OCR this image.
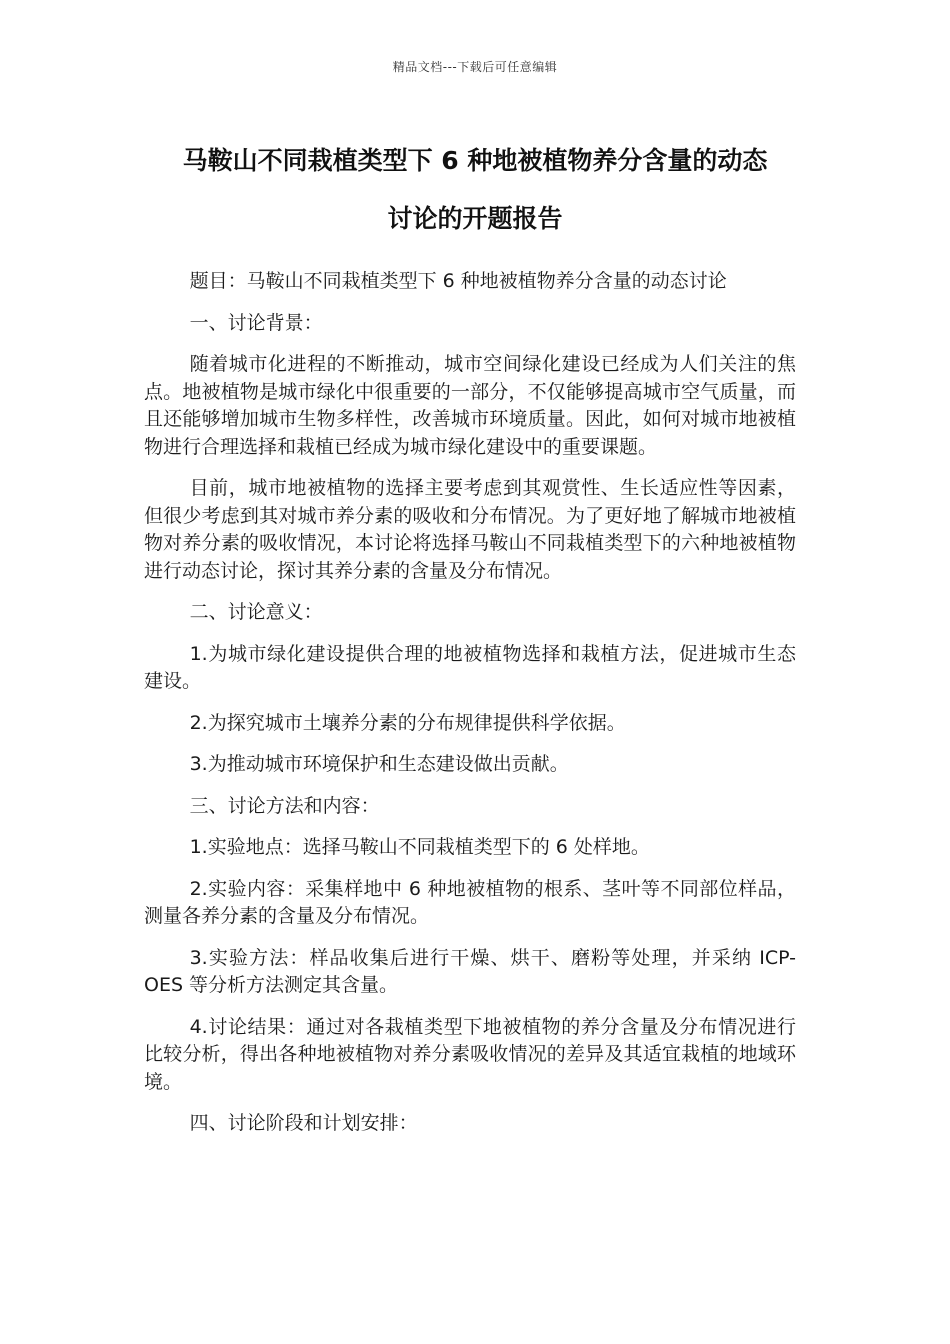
精品文档---下载后可任意编辑
马鞍山不同栽植类型下 6 种地被植物养分含量的动态
讨论的开题报告

题目：马鞍山不同栽植类型下 6 种地被植物养分含量的动态讨论

一、讨论背景：

随着城市化进程的不断推动，城市空间绿化建设已经成为人们关注的焦点。地被植物是城市绿化中很重要的一部分，不仅能够提高城市空气质量，而且还能够增加城市生物多样性，改善城市环境质量。因此，如何对城市地被植物进行合理选择和栽植已经成为城市绿化建设中的重要课题。

目前，城市地被植物的选择主要考虑到其观赏性、生长适应性等因素，但很少考虑到其对城市养分素的吸收和分布情况。为了更好地了解城市地被植物对养分素的吸收情况，本讨论将选择马鞍山不同栽植类型下的六种地被植物进行动态讨论，探讨其养分素的含量及分布情况。

二、讨论意义：

1.为城市绿化建设提供合理的地被植物选择和栽植方法，促进城市生态建设。

2.为探究城市土壤养分素的分布规律提供科学依据。

3.为推动城市环境保护和生态建设做出贡献。

三、讨论方法和内容：

1.实验地点：选择马鞍山不同栽植类型下的 6 处样地。

2.实验内容：采集样地中 6 种地被植物的根系、茎叶等不同部位样品，测量各养分素的含量及分布情况。

3.实验方法：样品收集后进行干燥、烘干、磨粉等处理，并采纳 ICP-OES 等分析方法测定其含量。

4.讨论结果：通过对各栽植类型下地被植物的养分含量及分布情况进行比较分析，得出各种地被植物对养分素吸收情况的差异及其适宜栽植的地域环境。

四、讨论阶段和计划安排：
